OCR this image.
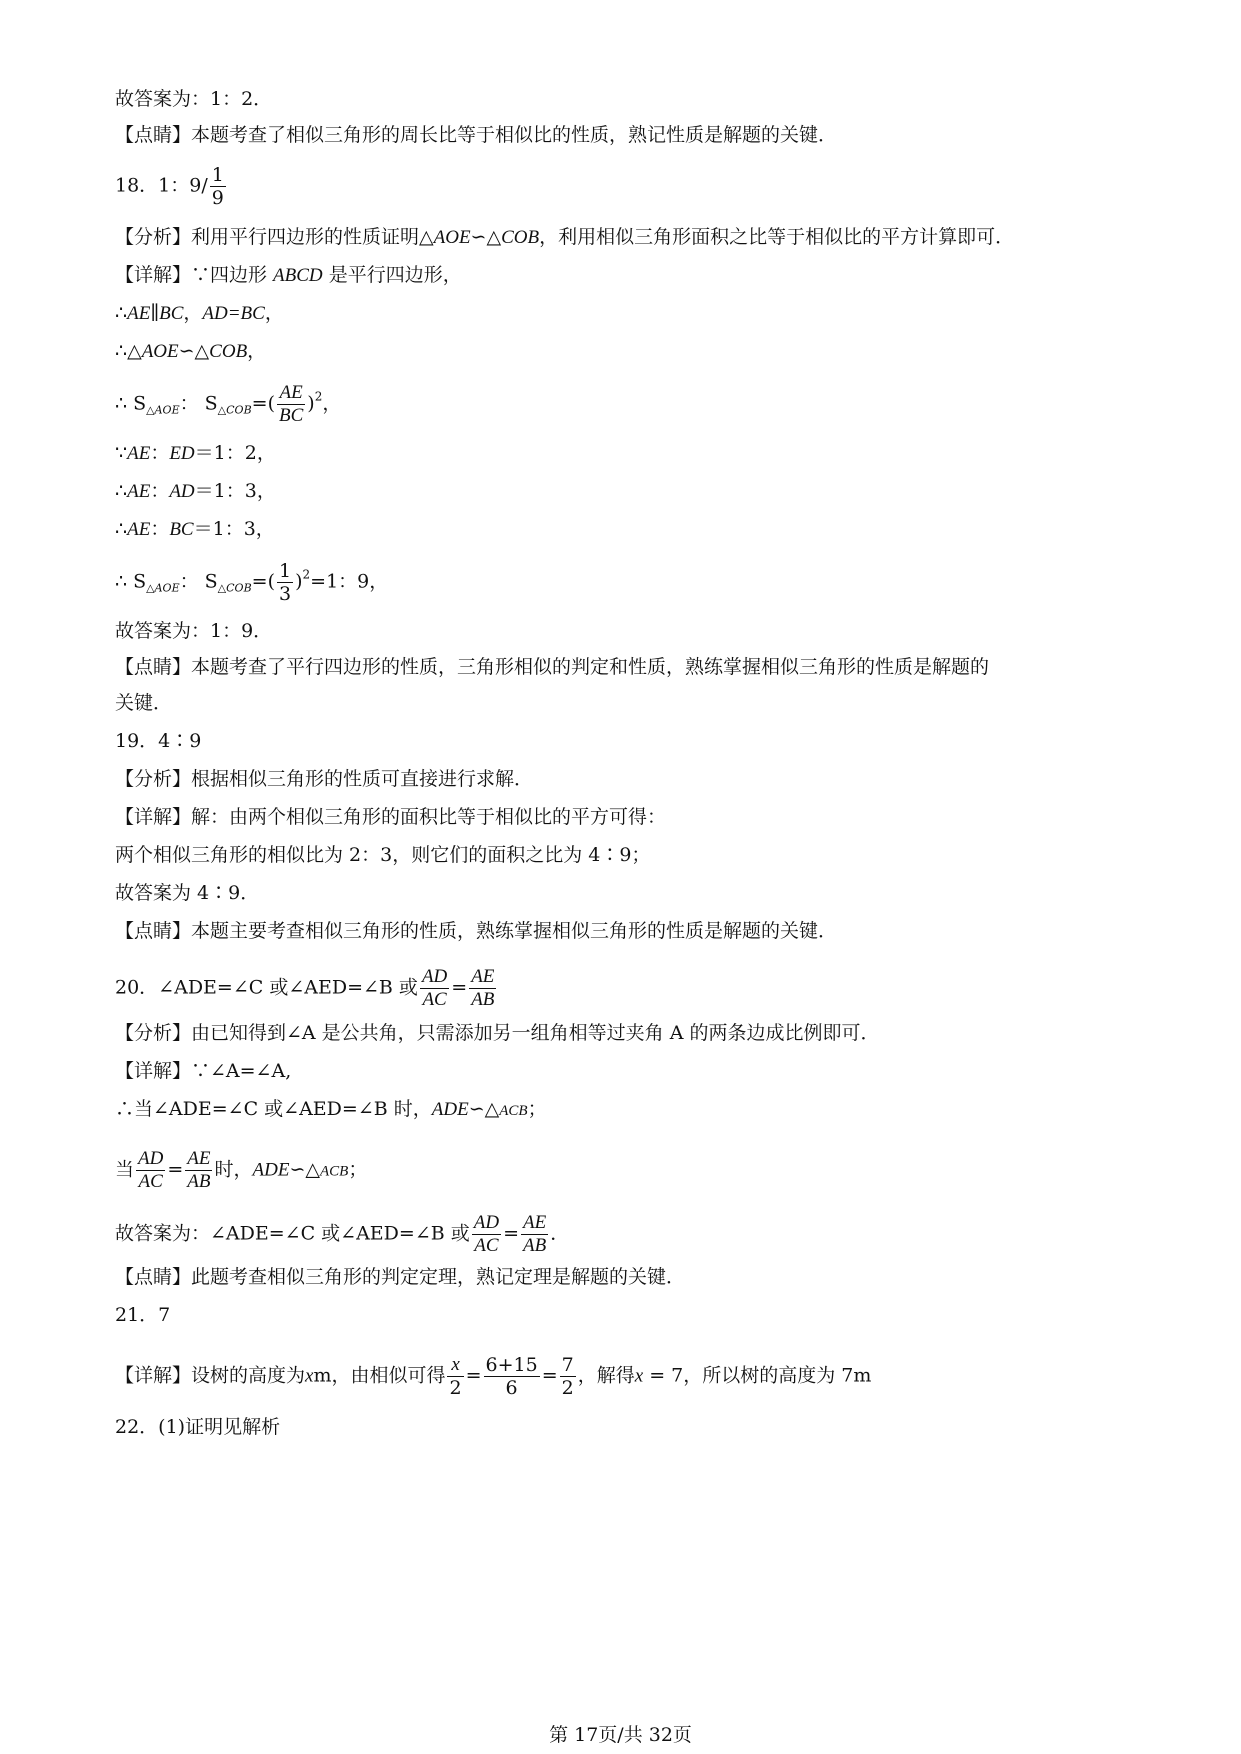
故答案为：1：2．
【点睛】本题考查了相似三角形的周长比等于相似比的性质，熟记性质是解题的关键．
18．1：$9/ \frac{1}{9}$
【分析】利用平行四边形的性质证明△AOE∽△COB，利用相似三角形面积之比等于相似比的平方计算即可．
【详解】∵四边形 ABCD 是平行四边形，
∴AE∥BC，AD=BC，
∴△AOE∽△COB，
∴ $S_{\triangle AOE}$： $S_{\triangle COB}=( \frac{AE}{BC} )^2$，
∵AE：ED＝1：2，
∴AE：AD＝1：3，
∴AE：BC＝1：3，
∴ $S_{\triangle AOE}$： $S_{\triangle COB}=( \frac{1}{3} )^2=1$：9，
故答案为：1：9．
【点睛】本题考查了平行四边形的性质，三角形相似的判定和性质，熟练掌握相似三角形的性质是解题的
关键．
19．4∶9
【分析】根据相似三角形的性质可直接进行求解．
【详解】解：由两个相似三角形的面积比等于相似比的平方可得：
两个相似三角形的相似比为 2：3，则它们的面积之比为 4∶9；
故答案为 4∶9．
【点睛】本题主要考查相似三角形的性质，熟练掌握相似三角形的性质是解题的关键．
20．∠ADE=∠C 或∠AED=∠B 或 $\frac{AD}{AC} = \frac{AE}{AB}$
【分析】由已知得到∠A 是公共角，只需添加另一组角相等过夹角 A 的两条边成比例即可．
【详解】∵∠A=∠A,
∴当∠ADE=∠C 或∠AED=∠B 时，ADE∽△ACB；
当 $\frac{AD}{AC} = \frac{AE}{AB}$ 时，ADE∽△ACB；
故答案为：∠ADE=∠C 或∠AED=∠B 或 $\frac{AD}{AC} = \frac{AE}{AB}$ ．
【点睛】此题考查相似三角形的判定定理，熟记定理是解题的关键．
21．7
【详解】设树的高度为xm，由相似可得 $\frac{x}{2} = \frac{6+15}{6} = \frac{7}{2}$ ，解得x = 7，所以树的高度为 7m
22．(1)证明见解析
第 17页/共 32页
